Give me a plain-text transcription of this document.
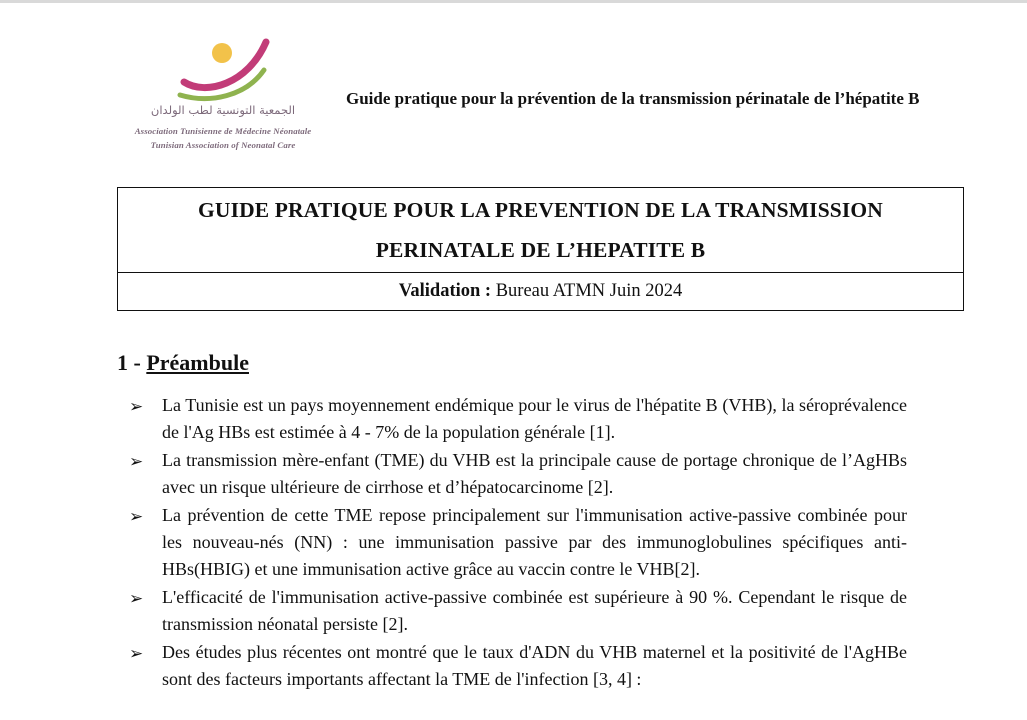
الجمعية التونسية لطب الولدان
Association Tunisienne de Médecine Néonatale
Tunisian Association of Neonatal Care
Guide pratique pour la prévention de la transmission périnatale de l’hépatite B
GUIDE PRATIQUE POUR LA PREVENTION DE LA TRANSMISSION
PERINATALE DE L’HEPATITE B
Validation : Bureau ATMN Juin 2024
1 - Préambule
➢ La Tunisie est un pays moyennement endémique pour le virus de l'hépatite B (VHB), la séroprévalence de l'Ag HBs est estimée à 4 - 7% de la population générale [1].
➢ La transmission mère-enfant (TME) du VHB est la principale cause de portage chronique de l’AgHBs avec un risque ultérieure de cirrhose et d’hépatocarcinome [2].
➢ La prévention de cette TME repose principalement sur l'immunisation active-passive combinée pour les nouveau-nés (NN) : une immunisation passive par des immunoglobulines spécifiques anti-HBs(HBIG) et une immunisation active grâce au vaccin contre le VHB[2].
➢ L'efficacité de l'immunisation active-passive combinée est supérieure à 90 %. Cependant le risque de transmission néonatal persiste [2].
➢ Des études plus récentes ont montré que le taux d'ADN du VHB maternel et la positivité de l'AgHBe sont des facteurs importants affectant la TME de l'infection [3, 4] :
